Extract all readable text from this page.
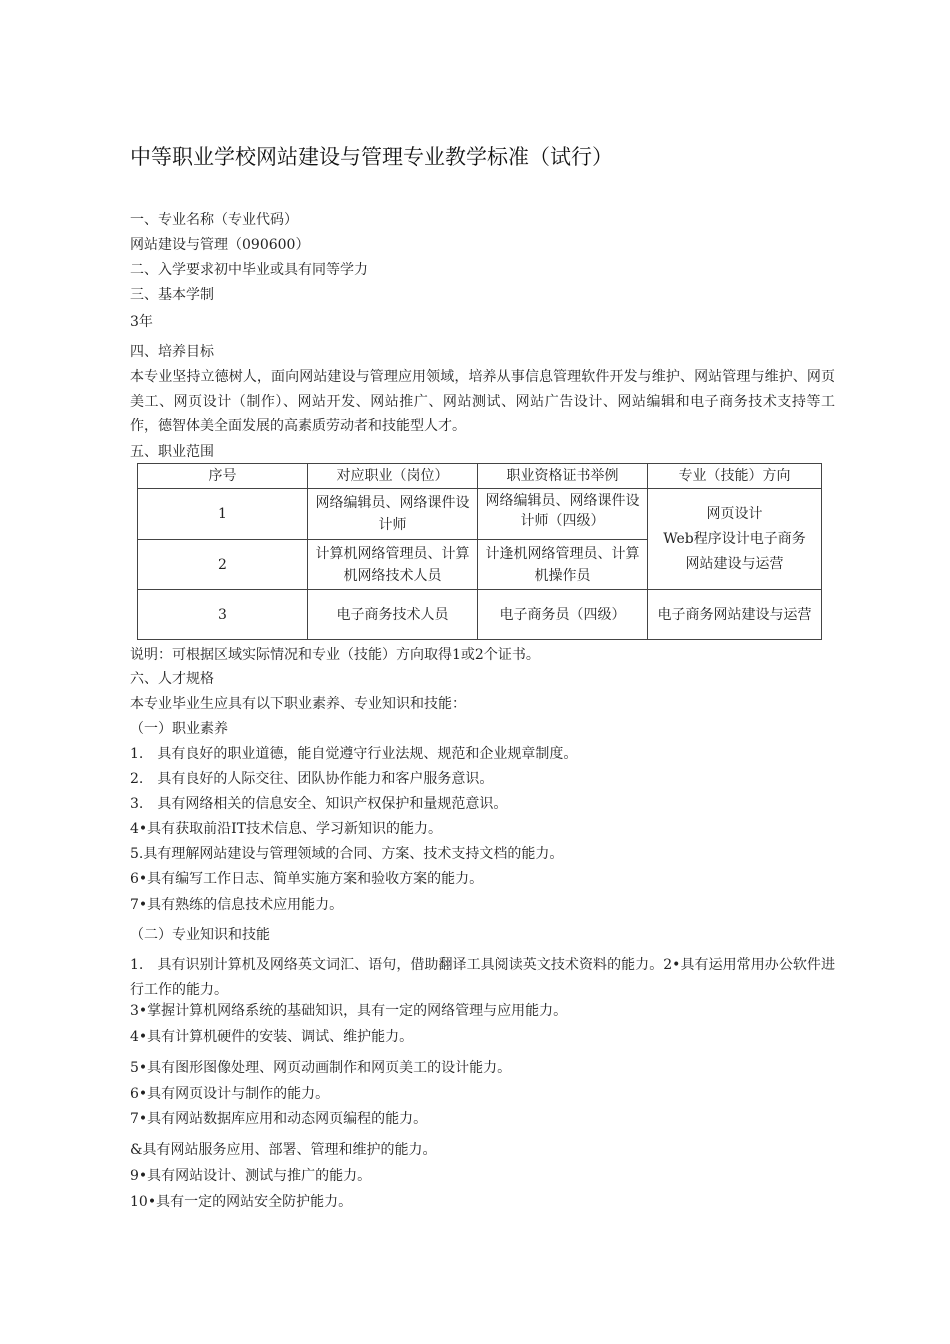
中等职业学校网站建设与管理专业教学标准（试行）
一、专业名称（专业代码）
网站建设与管理（090600）
二、入学要求初中毕业或具有同等学力
三、基本学制
3年
四、培养目标
本专业坚持立德树人，面向网站建设与管理应用领域，培养从事信息管理软件开发与维护、网站管理与维护、网页美工、网页设计（制作）、网站开发、网站推广、网站测试、网站广告设计、网站编辑和电子商务技术支持等工作，德智体美全面发展的高素质劳动者和技能型人才。
五、职业范围
序号	对应职业（岗位）	职业资格证书举例	专业（技能）方向
1	网络编辑员、网络课件设计师	网络编辑员、网络课件设计师（四级）	网页设计
Web程序设计电子商务
网站建设与运营

2	计算机网络管理员、计算机网络技术人员	计逢机网络管理员、计算机操作员	
3	电子商务技术人员	电子商务员（四级）	电子商务网站建设与运营
说明：可根据区域实际情况和专业（技能）方向取得1或2个证书。
六、人才规格
本专业毕业生应具有以下职业素养、专业知识和技能：
（一）职业素养
1.　具有良好的职业道德，能自觉遵守行业法规、规范和企业规章制度。
2.　具有良好的人际交往、团队协作能力和客户服务意识。
3.　具有网络相关的信息安全、知识产权保护和量规范意识。
4•具有获取前沿IT技术信息、学习新知识的能力。
5.具有理解网站建设与管理领域的合同、方案、技术支持文档的能力。
6•具有编写工作日志、简单实施方案和验收方案的能力。
7•具有熟练的信息技术应用能力。
（二）专业知识和技能
1.　具有识别计算机及网络英文词汇、语句，借助翻译工具阅读英文技术资料的能力。2•具有运用常用办公软件进行工作的能力。
3•掌握计算机网络系统的基础知识，具有一定的网络管理与应用能力。
4•具有计算机硬件的安装、调试、维护能力。
5•具有图形图像处理、网页动画制作和网页美工的设计能力。
6•具有网页设计与制作的能力。
7•具有网站数据库应用和动态网页编程的能力。
&具有网站服务应用、部署、管理和维护的能力。
9•具有网站设计、测试与推广的能力。
10•具有一定的网站安全防护能力。
